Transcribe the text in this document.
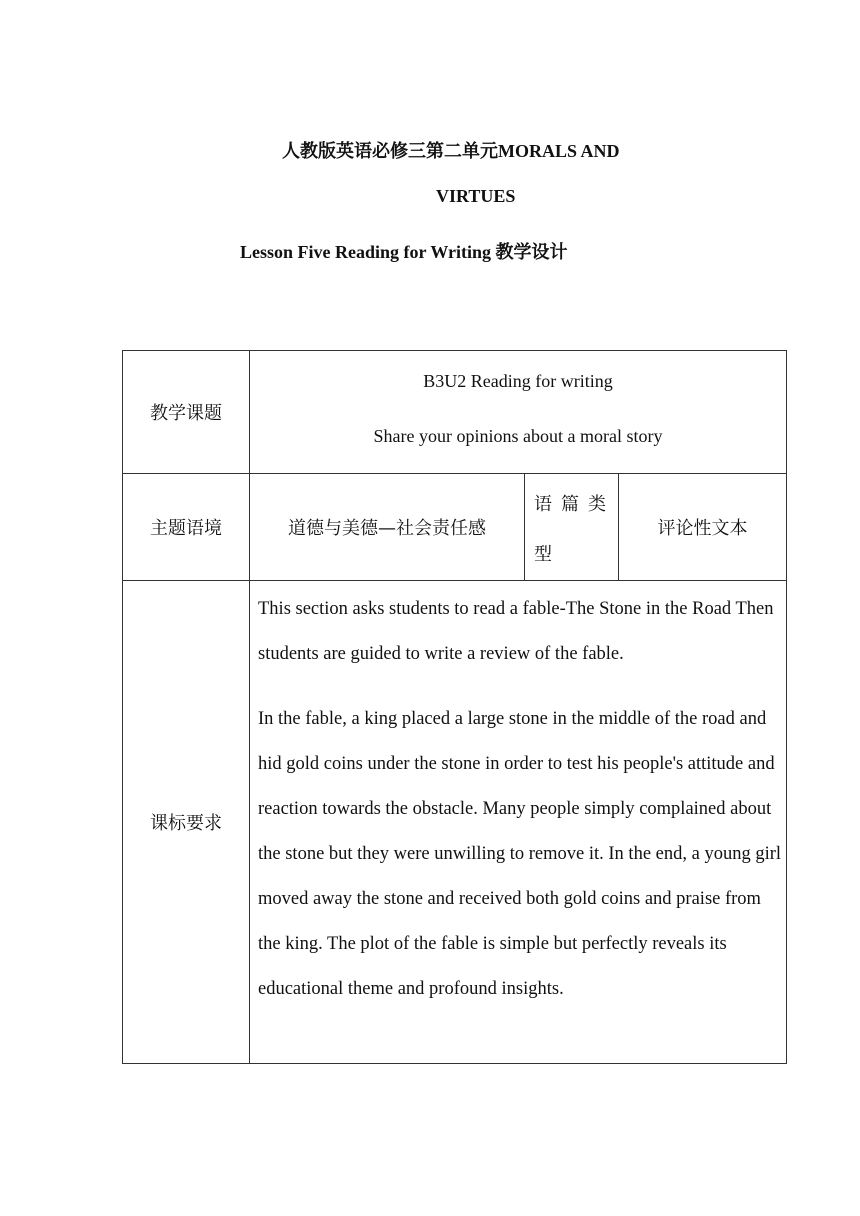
人教版英语必修三第二单元MORALS AND
VIRTUES
Lesson Five Reading for Writing 教学设计
教学课题	B3U2 Reading for writing
Share your opinions about a moral story		

主题语境	道德与美德—社会责任感	语篇类型	评论性文本
课标要求	This section asks students to read a fable-The Stone in the Road Then students are guided to write a review of the fable.

In the fable, a king placed a large stone in the middle of the road and hid gold coins under the stone in order to test his people's attitude and reaction towards the obstacle. Many people simply complained about the stone but they were unwilling to remove it. In the end, a young girl moved away the stone and received both gold coins and praise from the king. The plot of the fable is simple but perfectly reveals its educational theme and profound insights.		
